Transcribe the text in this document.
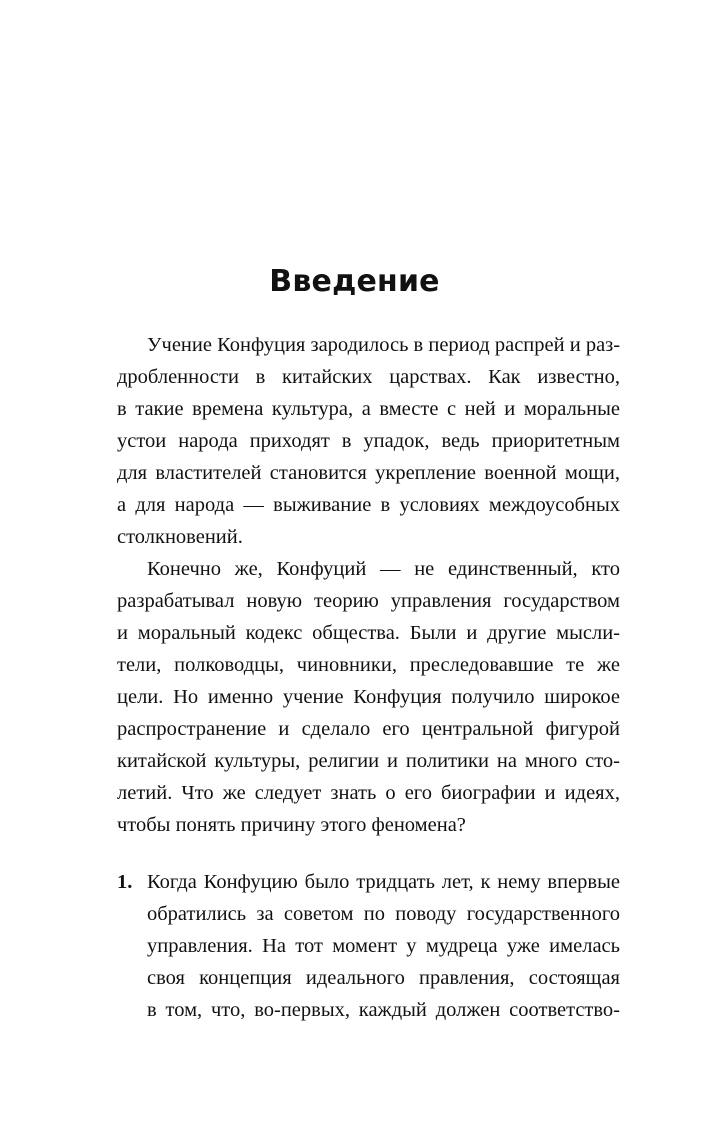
Введение
Учение Конфуция зародилось в период распрей и раз-
дробленности в китайских царствах. Как известно,
в такие времена культура, а вместе с ней и моральные
устои народа приходят в упадок, ведь приоритетным
для властителей становится укрепление военной мощи,
а для народа — выживание в условиях междоусобных
столкновений.
Конечно же, Конфуций — не единственный, кто
разрабатывал новую теорию управления государством
и моральный кодекс общества. Были и другие мысли-
тели, полководцы, чиновники, преследовавшие те же
цели. Но именно учение Конфуция получило широкое
распространение и сделало его центральной фигурой
китайской культуры, религии и политики на много сто-
летий. Что же следует знать о его биографии и идеях,
чтобы понять причину этого феномена?
1. Когда Конфуцию было тридцать лет, к нему впервые
обратились за советом по поводу государственного
управления. На тот момент у мудреца уже имелась
своя концепция идеального правления, состоящая
в том, что, во-первых, каждый должен соответство-
